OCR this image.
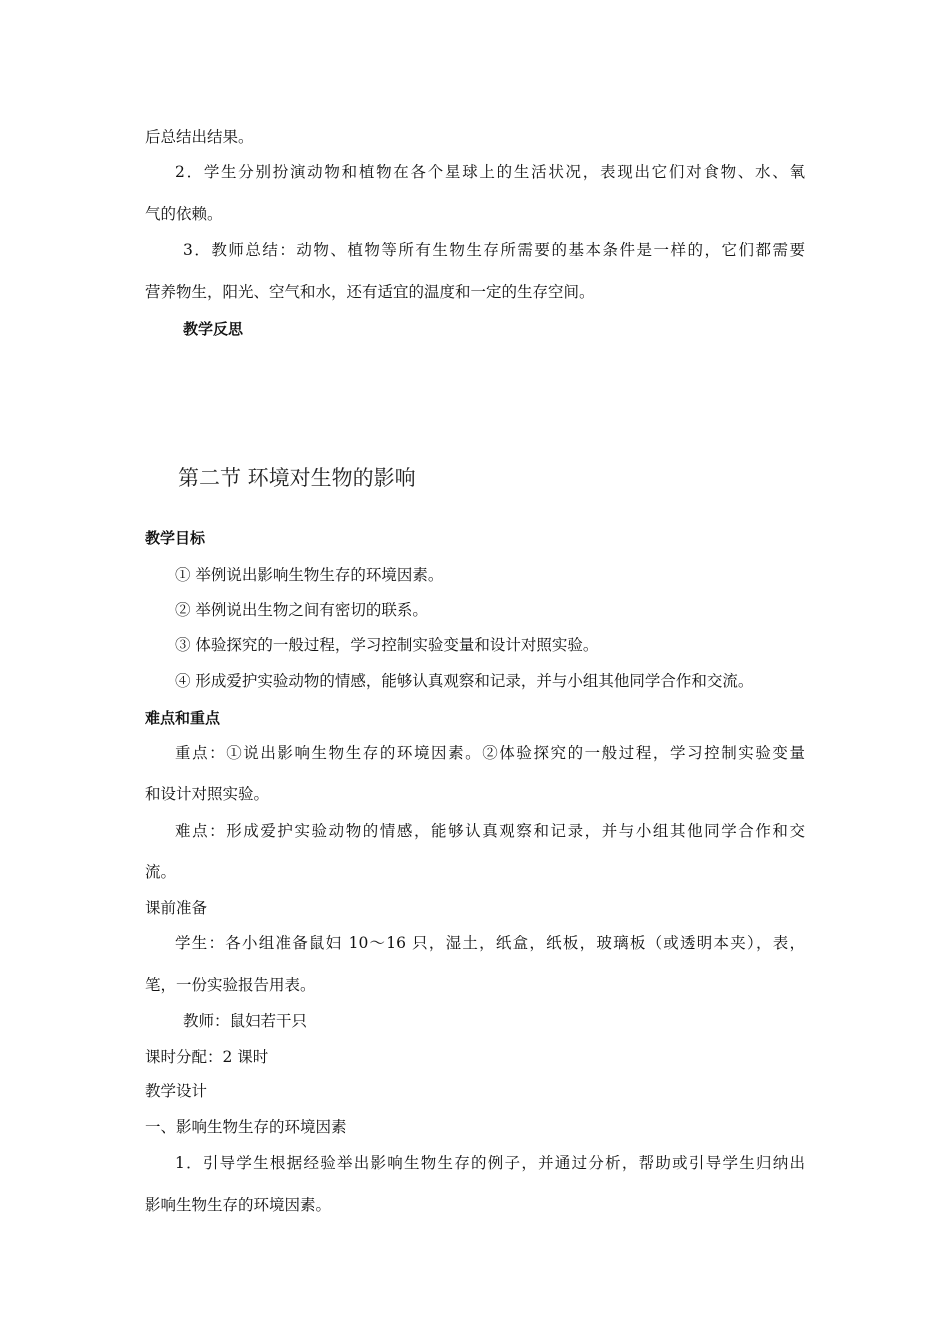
后总结出结果。
2．学生分别扮演动物和植物在各个星球上的生活状况，表现出它们对食物、水、氧
气的依赖。
3．教师总结：动物、植物等所有生物生存所需要的基本条件是一样的，它们都需要
营养物生，阳光、空气和水，还有适宜的温度和一定的生存空间。
教学反思
第二节 环境对生物的影响
教学目标
① 举例说出影响生物生存的环境因素。
② 举例说出生物之间有密切的联系。
③ 体验探究的一般过程，学习控制实验变量和设计对照实验。
④ 形成爱护实验动物的情感，能够认真观察和记录，并与小组其他同学合作和交流。
难点和重点
重点：①说出影响生物生存的环境因素。②体验探究的一般过程，学习控制实验变量
和设计对照实验。
难点：形成爱护实验动物的情感，能够认真观察和记录，并与小组其他同学合作和交
流。
课前准备
学生：各小组准备鼠妇 10～16 只，湿土，纸盒，纸板，玻璃板（或透明本夹），表，
笔，一份实验报告用表。
教师：鼠妇若干只
课时分配：2 课时
教学设计
一、影响生物生存的环境因素
1．引导学生根据经验举出影响生物生存的例子，并通过分析，帮助或引导学生归纳出
影响生物生存的环境因素。
